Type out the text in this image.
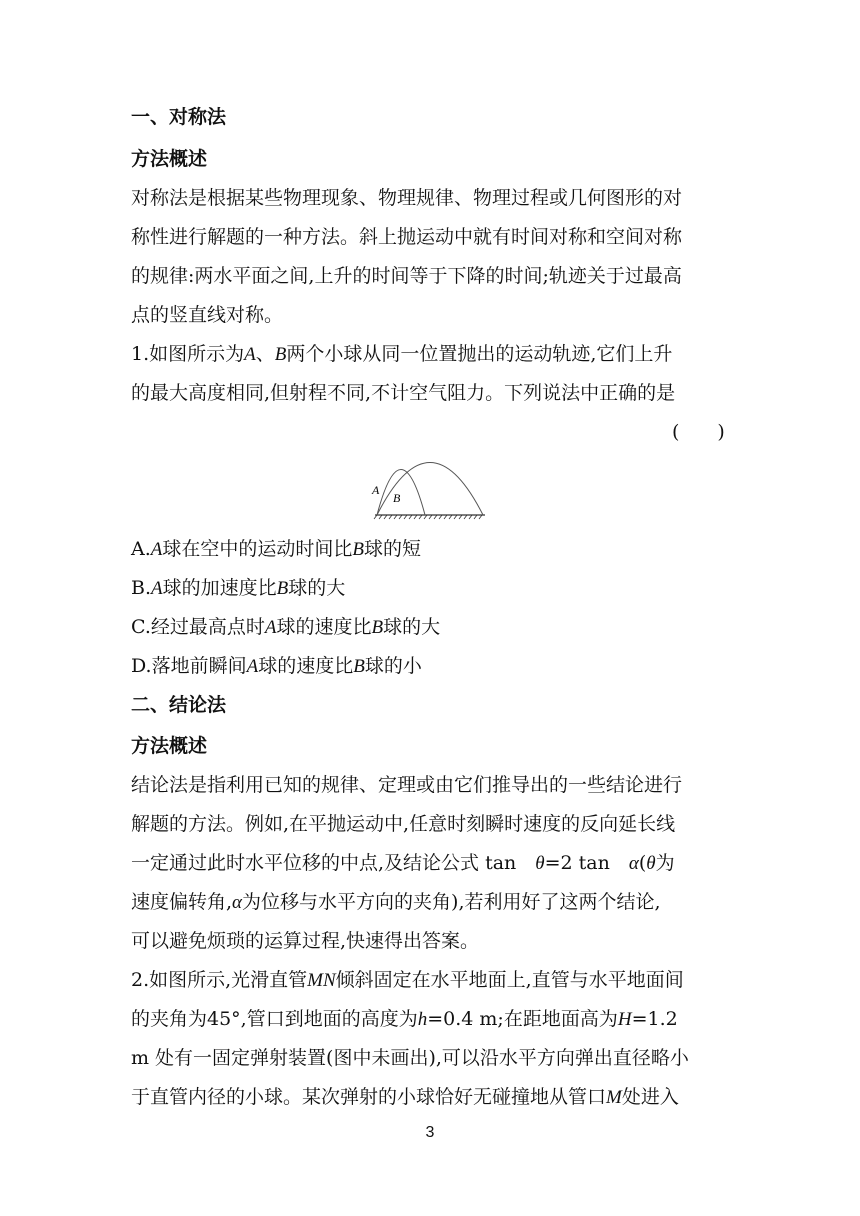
一、对称法
方法概述
对称法是根据某些物理现象、物理规律、物理过程或几何图形的对
称性进行解题的一种方法。斜上抛运动中就有时间对称和空间对称
的规律:两水平面之间,上升的时间等于下降的时间;轨迹关于过最高
点的竖直线对称。
1.如图所示为A、B两个小球从同一位置抛出的运动轨迹,它们上升
的最大高度相同,但射程不同,不计空气阻力。下列说法中正确的是
(　　)
A
B
A.A球在空中的运动时间比B球的短
B.A球的加速度比B球的大
C.经过最高点时A球的速度比B球的大
D.落地前瞬间A球的速度比B球的小
二、结论法
方法概述
结论法是指利用已知的规律、定理或由它们推导出的一些结论进行
解题的方法。例如,在平抛运动中,任意时刻瞬时速度的反向延长线
一定通过此时水平位移的中点,及结论公式 tan　θ=2 tan　α(θ为
速度偏转角,α为位移与水平方向的夹角),若利用好了这两个结论,
可以避免烦琐的运算过程,快速得出答案。
2.如图所示,光滑直管MN倾斜固定在水平地面上,直管与水平地面间
的夹角为45°,管口到地面的高度为h=0.4 m;在距地面高为H=1.2
m 处有一固定弹射装置(图中未画出),可以沿水平方向弹出直径略小
于直管内径的小球。某次弹射的小球恰好无碰撞地从管口M处进入
3
